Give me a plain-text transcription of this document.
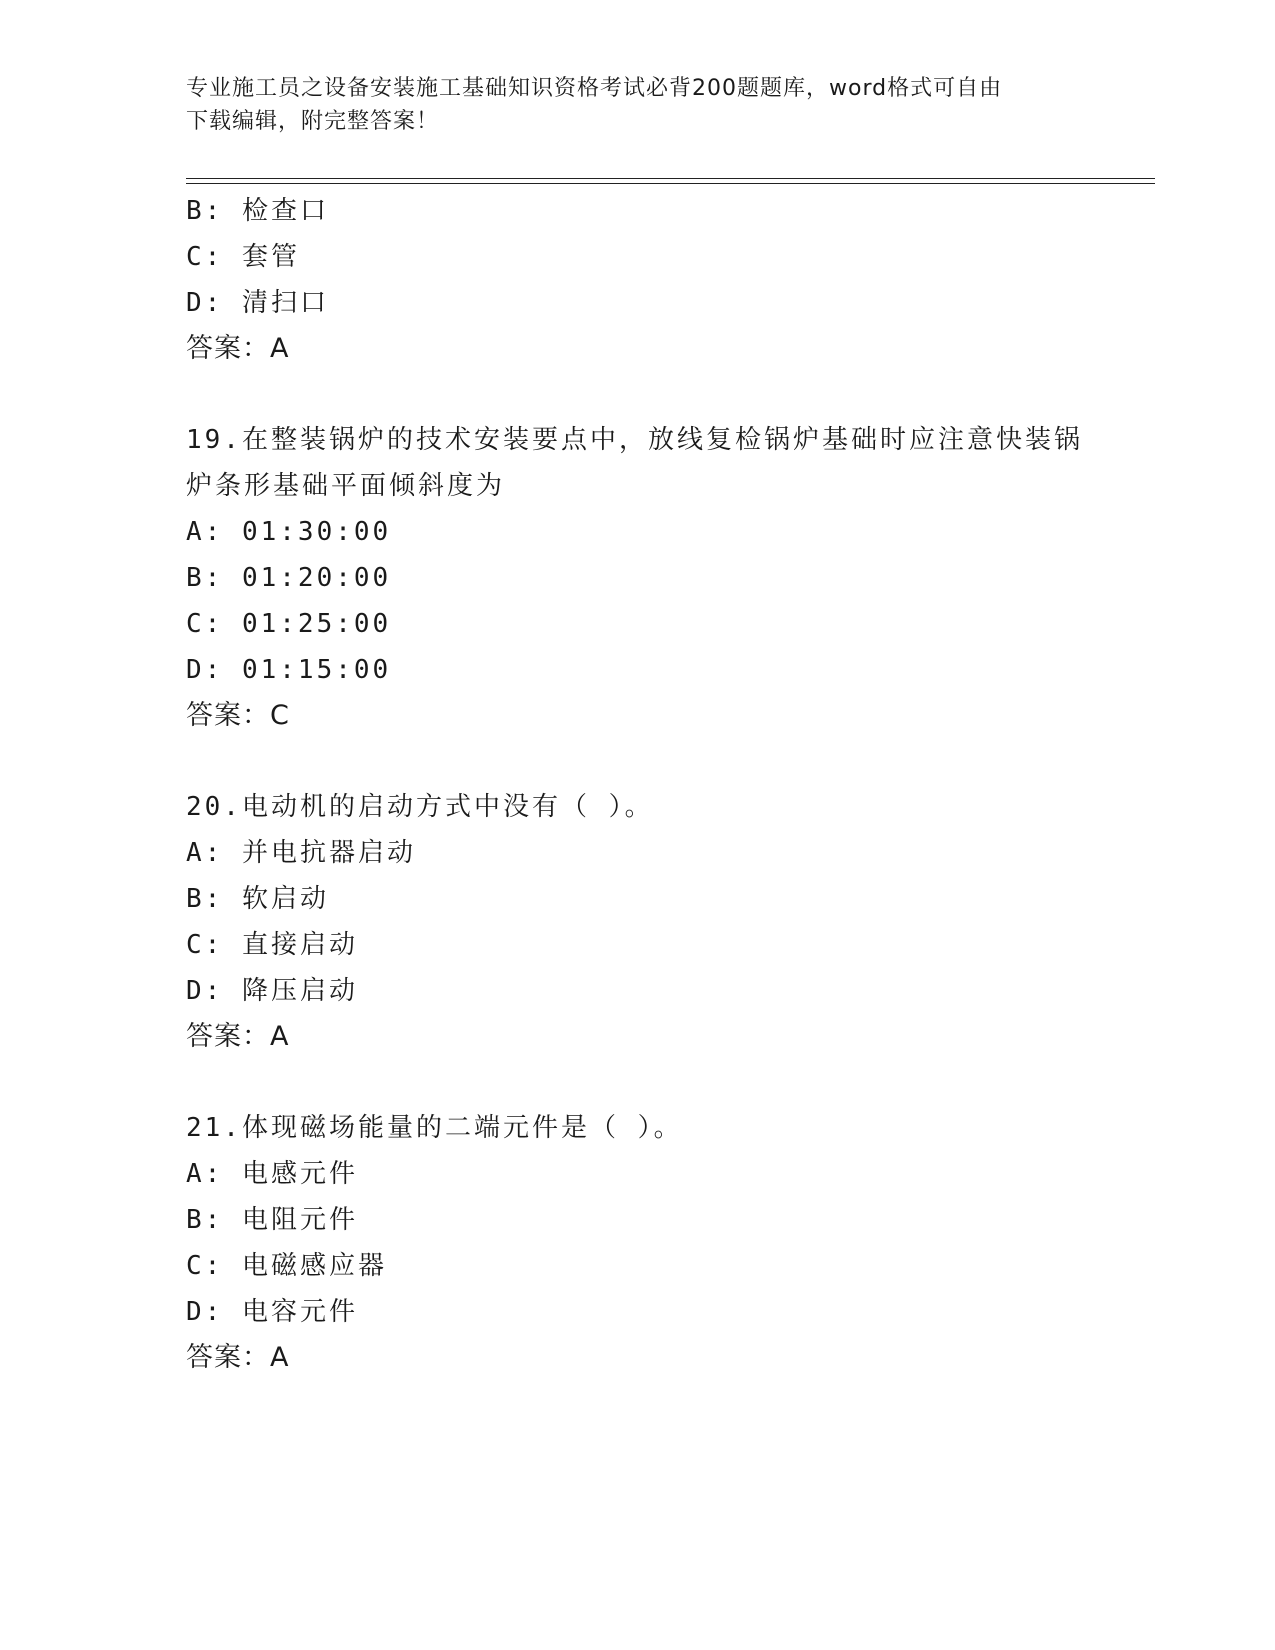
专业施工员之设备安装施工基础知识资格考试必背200题题库，word格式可自由
下载编辑，附完整答案！
B: 检查口
C: 套管
D: 清扫口
答案：A
19.在整装锅炉的技术安装要点中，放线复检锅炉基础时应注意快装锅
炉条形基础平面倾斜度为
A: 01:30:00
B: 01:20:00
C: 01:25:00
D: 01:15:00
答案：C
20.电动机的启动方式中没有（ ）。
A: 并电抗器启动
B: 软启动
C: 直接启动
D: 降压启动
答案：A
21.体现磁场能量的二端元件是（ ）。
A: 电感元件
B: 电阻元件
C: 电磁感应器
D: 电容元件
答案：A
